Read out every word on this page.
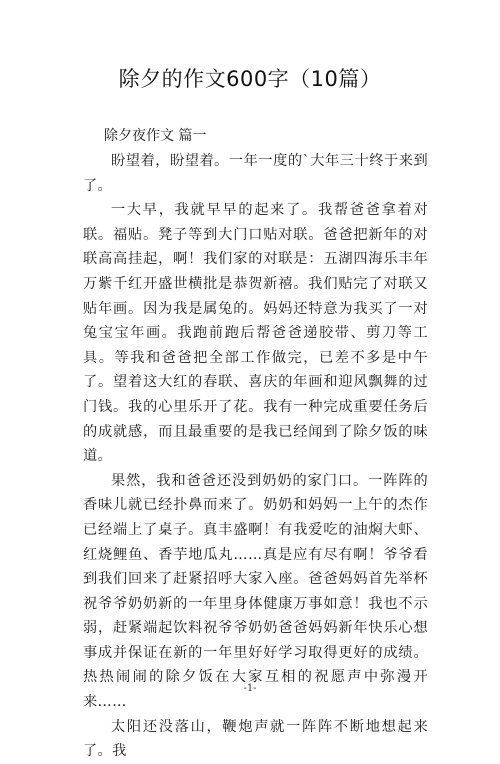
除夕的作文600字（10篇）
除夕夜作文 篇一

盼望着，盼望着。一年一度的`大年三十终于来到了。

一大早，我就早早的起来了。我帮爸爸拿着对联。福贴。凳子等到大门口贴对联。爸爸把新年的对联高高挂起，啊！我们家的对联是：五湖四海乐丰年万紫千红开盛世横批是恭贺新禧。我们贴完了对联又贴年画。因为我是属兔的。妈妈还特意为我买了一对兔宝宝年画。我跑前跑后帮爸爸递胶带、剪刀等工具。等我和爸爸把全部工作做完，已差不多是中午了。望着这大红的春联、喜庆的年画和迎风飘舞的过门钱。我的心里乐开了花。我有一种完成重要任务后的成就感，而且最重要的是我已经闻到了除夕饭的味道。

果然，我和爸爸还没到奶奶的家门口。一阵阵的香味儿就已经扑鼻而来了。奶奶和妈妈一上午的杰作已经端上了桌子。真丰盛啊！有我爱吃的油焖大虾、红烧鲤鱼、香芋地瓜丸……真是应有尽有啊！爷爷看到我们回来了赶紧招呼大家入座。爸爸妈妈首先举杯祝爷爷奶奶新的一年里身体健康万事如意！我也不示弱，赶紧端起饮料祝爷爷奶奶爸爸妈妈新年快乐心想事成并保证在新的一年里好好学习取得更好的成绩。热热闹闹的除夕饭在大家互相的祝愿声中弥漫开来……

太阳还没落山，鞭炮声就一阵阵不断地想起来了。我

-1-
